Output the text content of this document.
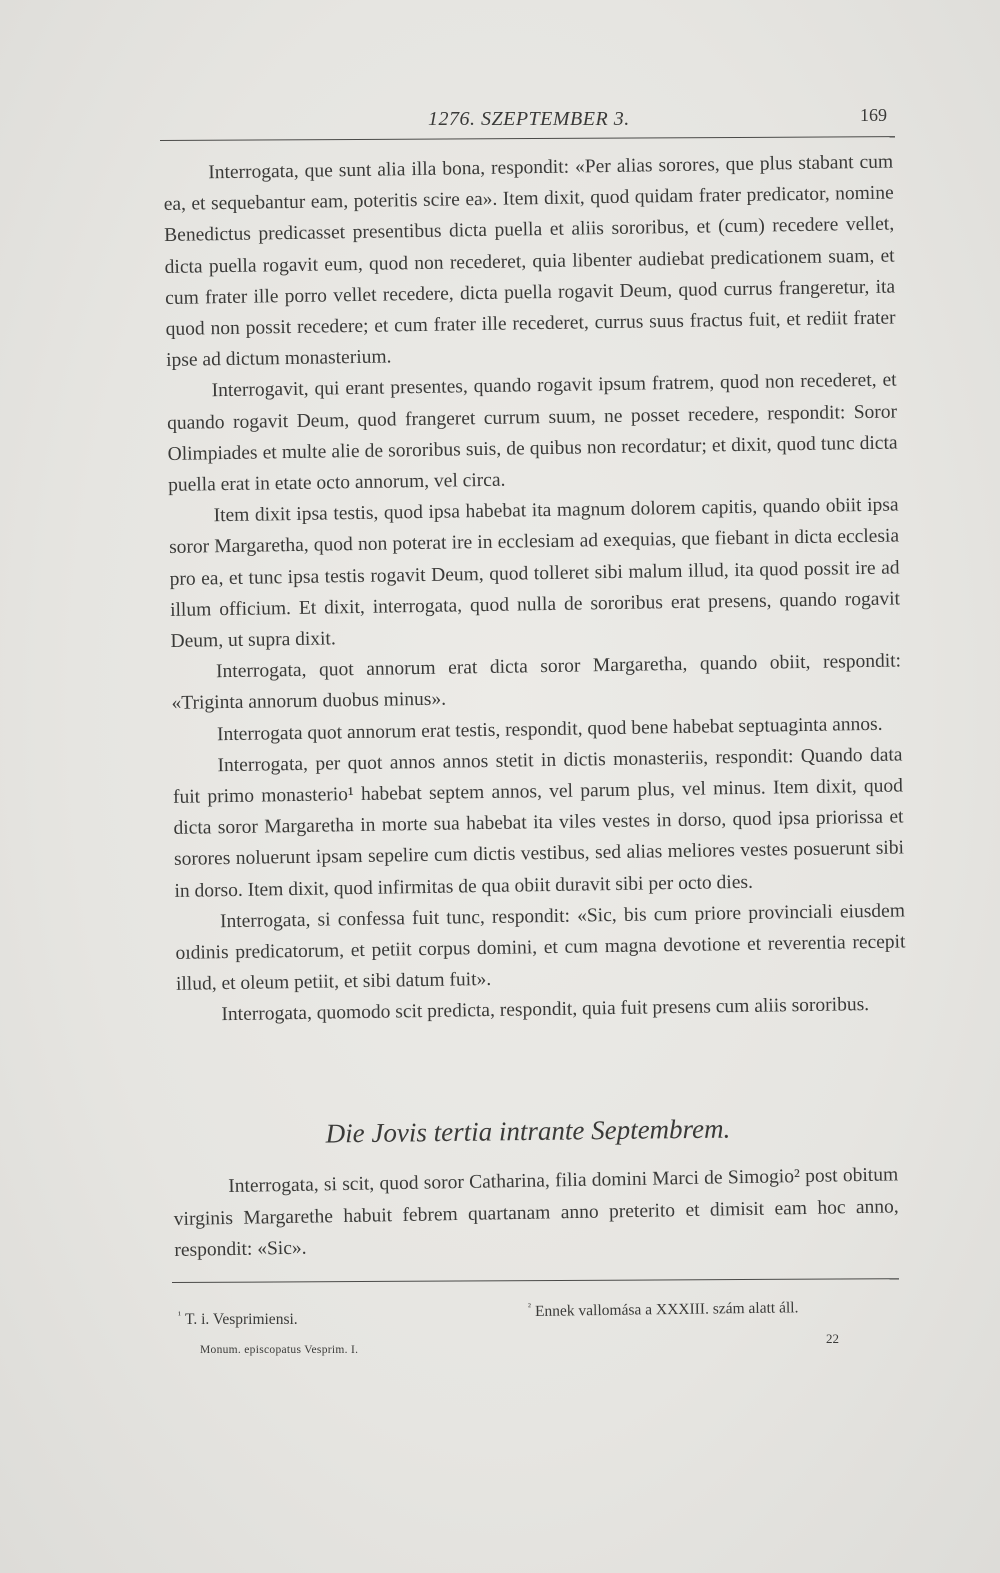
1276. SZEPTEMBER 3.	169

Interrogata, que sunt alia illa bona, respondit: «Per alias sorores, que plus stabant cum ea, et sequebantur eam, poteritis scire ea». Item dixit, quod quidam frater predicator, nomine Benedictus predicasset presentibus dicta puella et aliis sororibus, et (cum) recedere vellet, dicta puella rogavit eum, quod non recederet, quia libenter audiebat predicationem suam, et cum frater ille porro vellet recedere, dicta puella rogavit Deum, quod currus frangeretur, ita quod non possit recedere; et cum frater ille recederet, currus suus fractus fuit, et rediit frater ipse ad dictum monasterium.

Interrogavit, qui erant presentes, quando rogavit ipsum fratrem, quod non recederet, et quando rogavit Deum, quod frangeret currum suum, ne posset recedere, respondit: Soror Olimpiades et multe alie de sororibus suis, de quibus non recordatur; et dixit, quod tunc dicta puella erat in etate octo annorum, vel circa.

Item dixit ipsa testis, quod ipsa habebat ita magnum dolorem capitis, quando obiit ipsa soror Margaretha, quod non poterat ire in ecclesiam ad exequias, que fiebant in dicta ecclesia pro ea, et tunc ipsa testis rogavit Deum, quod tolleret sibi malum illud, ita quod possit ire ad illum officium. Et dixit, interrogata, quod nulla de sororibus erat presens, quando rogavit Deum, ut supra dixit.

Interrogata, quot annorum erat dicta soror Margaretha, quando obiit, respondit: «Triginta annorum duobus minus».

Interrogata quot annorum erat testis, respondit, quod bene habebat septuaginta annos.

Interrogata, per quot annos annos stetit in dictis monasteriis, respondit: Quando data fuit primo monasterio¹ habebat septem annos, vel parum plus, vel minus. Item dixit, quod dicta soror Margaretha in morte sua habebat ita viles vestes in dorso, quod ipsa priorissa et sorores noluerunt ipsam sepelire cum dictis vestibus, sed alias meliores vestes posuerunt sibi in dorso. Item dixit, quod infirmitas de qua obiit duravit sibi per octo dies.

Interrogata, si confessa fuit tunc, respondit: «Sic, bis cum priore provinciali eiusdem oıdinis predicatorum, et petiit corpus domini, et cum magna devotione et reverentia recepit illud, et oleum petiit, et sibi datum fuit».

Interrogata, quomodo scit predicta, respondit, quia fuit presens cum aliis sororibus.

Die Jovis tertia intrante Septembrem.

Interrogata, si scit, quod soror Catharina, filia domini Marci de Simogio² post obitum virginis Margarethe habuit febrem quartanam anno preterito et dimisit eam hoc anno, respondit: «Sic».

$^{^1}$ T. i. Vesprimiensi.
$^{^2}$ Ennek vallomása a XXXIII. szám alatt áll.
22
Monum. episcopatus Vesprim. I.
